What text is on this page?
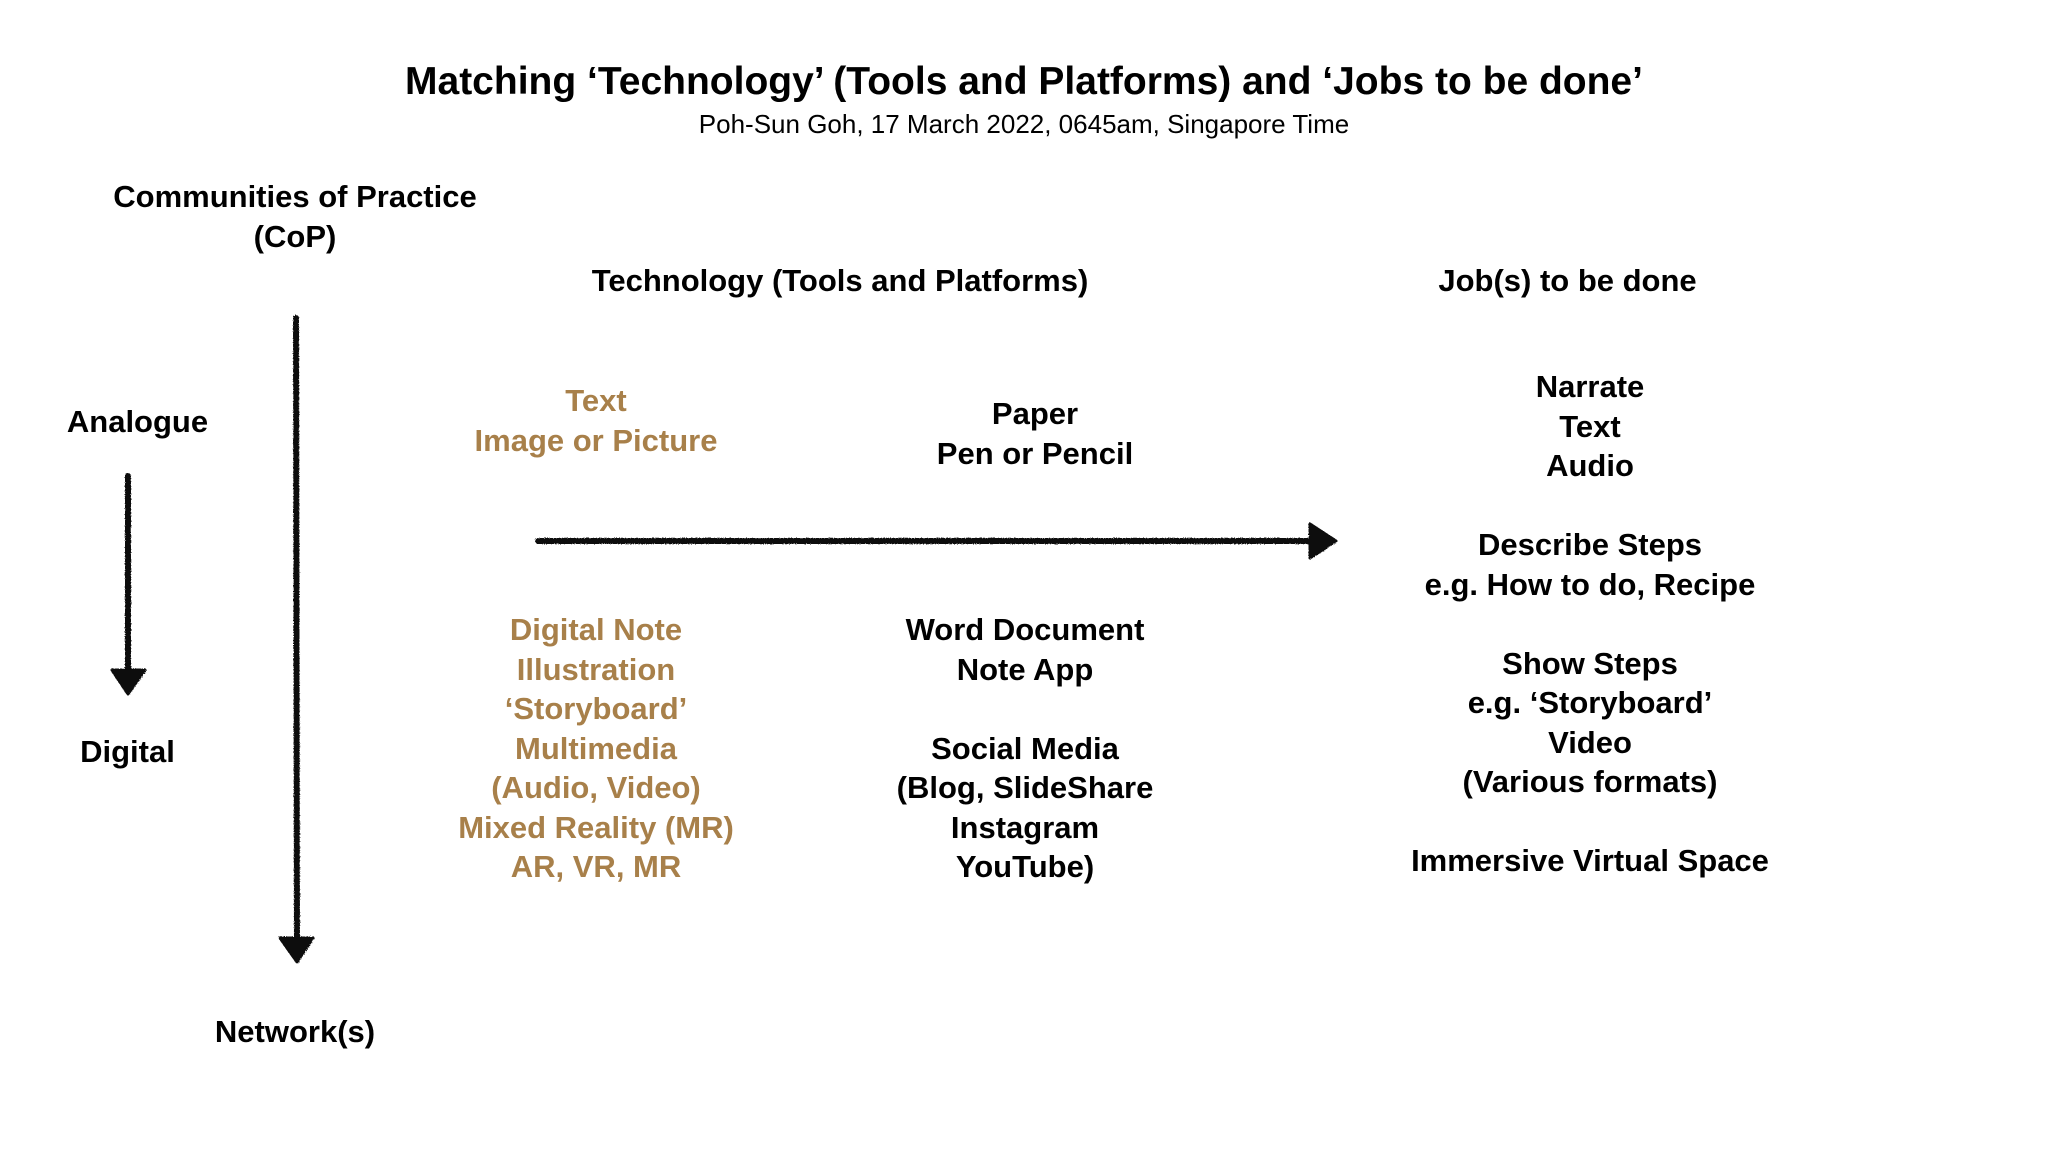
Matching ‘Technology’ (Tools and Platforms) and ‘Jobs to be done’
Poh-Sun Goh, 17 March 2022, 0645am, Singapore Time
Communities of Practice
(CoP)
Analogue
Digital
Network(s)
Technology (Tools and Platforms)	Job(s) to be done
Text
Image or Picture
Paper
Pen or Pencil
Digital Note
Illustration
‘Storyboard’
Multimedia
(Audio, Video)
Mixed Reality (MR)
AR, VR, MR
Word Document
Note App

Social Media
(Blog, SlideShare
Instagram
YouTube)
Narrate
Text
Audio

Describe Steps
e.g. How to do, Recipe

Show Steps
e.g. ‘Storyboard’
Video
(Various formats)

Immersive Virtual Space
